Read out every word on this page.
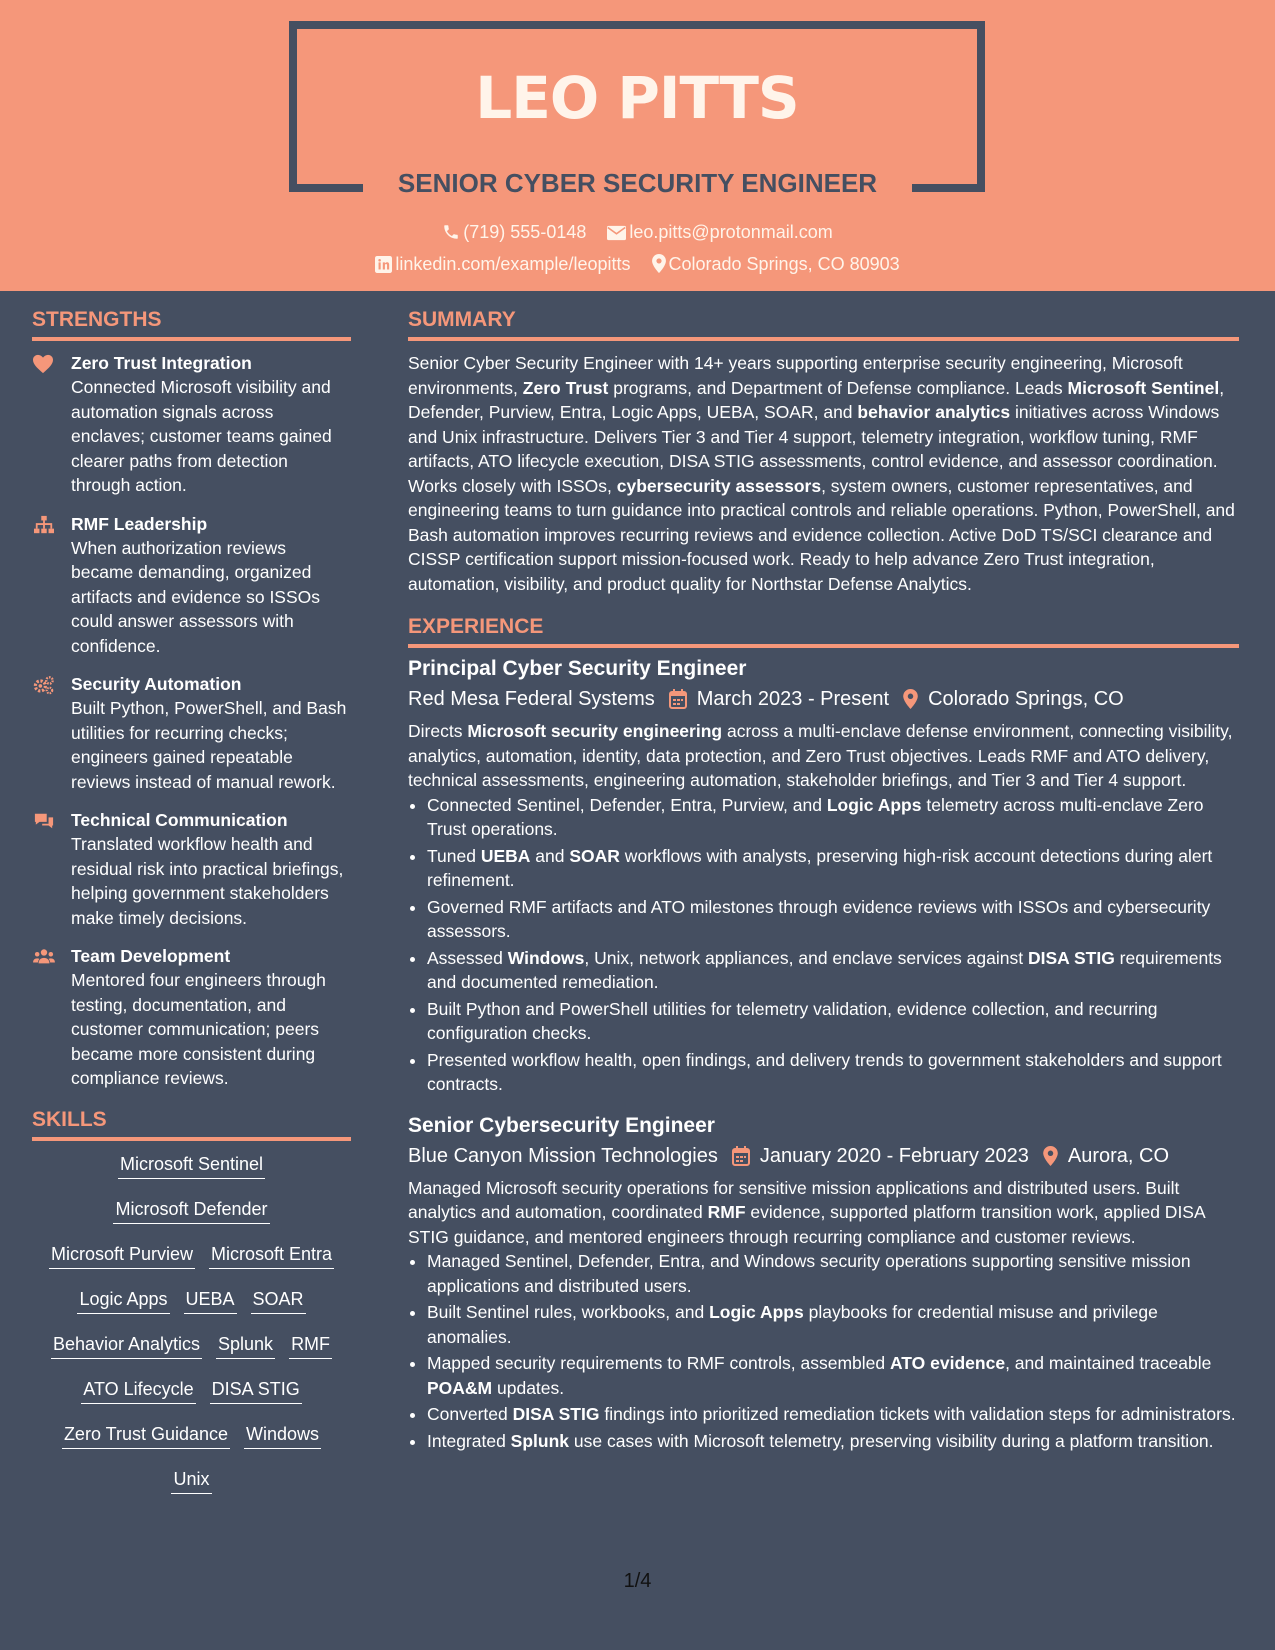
LEO PITTS
SENIOR CYBER SECURITY ENGINEER
(719) 555-0148 leo.pitts@protonmail.com
linkedin.com/example/leopitts Colorado Springs, CO 80903
STRENGTHS
Zero Trust Integration
Connected Microsoft visibility and automation signals across enclaves; customer teams gained clearer paths from detection through action.
RMF Leadership
When authorization reviews became demanding, organized artifacts and evidence so ISSOs could answer assessors with confidence.
Security Automation
Built Python, PowerShell, and Bash utilities for recurring checks; engineers gained repeatable reviews instead of manual rework.
Technical Communication
Translated workflow health and residual risk into practical briefings, helping government stakeholders make timely decisions.
Team Development
Mentored four engineers through testing, documentation, and customer communication; peers became more consistent during compliance reviews.
SKILLS
Microsoft Sentinel
Microsoft Defender
Microsoft Purview Microsoft Entra
Logic Apps UEBA SOAR
Behavior Analytics Splunk RMF
ATO Lifecycle DISA STIG
Zero Trust Guidance Windows
Unix
SUMMARY
Senior Cyber Security Engineer with 14+ years supporting enterprise security engineering, Microsoft environments, Zero Trust programs, and Department of Defense compliance. Leads Microsoft Sentinel, Defender, Purview, Entra, Logic Apps, UEBA, SOAR, and behavior analytics initiatives across Windows and Unix infrastructure. Delivers Tier 3 and Tier 4 support, telemetry integration, workflow tuning, RMF artifacts, ATO lifecycle execution, DISA STIG assessments, control evidence, and assessor coordination. Works closely with ISSOs, cybersecurity assessors, system owners, customer representatives, and engineering teams to turn guidance into practical controls and reliable operations. Python, PowerShell, and Bash automation improves recurring reviews and evidence collection. Active DoD TS/SCI clearance and CISSP certification support mission-focused work. Ready to help advance Zero Trust integration, automation, visibility, and product quality for Northstar Defense Analytics.
EXPERIENCE
Principal Cyber Security Engineer
Red Mesa Federal Systems March 2023 - Present Colorado Springs, CO
Directs Microsoft security engineering across a multi-enclave defense environment, connecting visibility, analytics, automation, identity, data protection, and Zero Trust objectives. Leads RMF and ATO delivery, technical assessments, engineering automation, stakeholder briefings, and Tier 3 and Tier 4 support.
• Connected Sentinel, Defender, Entra, Purview, and Logic Apps telemetry across multi-enclave Zero Trust operations.
• Tuned UEBA and SOAR workflows with analysts, preserving high-risk account detections during alert refinement.
• Governed RMF artifacts and ATO milestones through evidence reviews with ISSOs and cybersecurity assessors.
• Assessed Windows, Unix, network appliances, and enclave services against DISA STIG requirements and documented remediation.
• Built Python and PowerShell utilities for telemetry validation, evidence collection, and recurring configuration checks.
• Presented workflow health, open findings, and delivery trends to government stakeholders and support contracts.
Senior Cybersecurity Engineer
Blue Canyon Mission Technologies January 2020 - February 2023 Aurora, CO
Managed Microsoft security operations for sensitive mission applications and distributed users. Built analytics and automation, coordinated RMF evidence, supported platform transition work, applied DISA STIG guidance, and mentored engineers through recurring compliance and customer reviews.
• Managed Sentinel, Defender, Entra, and Windows security operations supporting sensitive mission applications and distributed users.
• Built Sentinel rules, workbooks, and Logic Apps playbooks for credential misuse and privilege anomalies.
• Mapped security requirements to RMF controls, assembled ATO evidence, and maintained traceable POA&M updates.
• Converted DISA STIG findings into prioritized remediation tickets with validation steps for administrators.
• Integrated Splunk use cases with Microsoft telemetry, preserving visibility during a platform transition.
1/4
